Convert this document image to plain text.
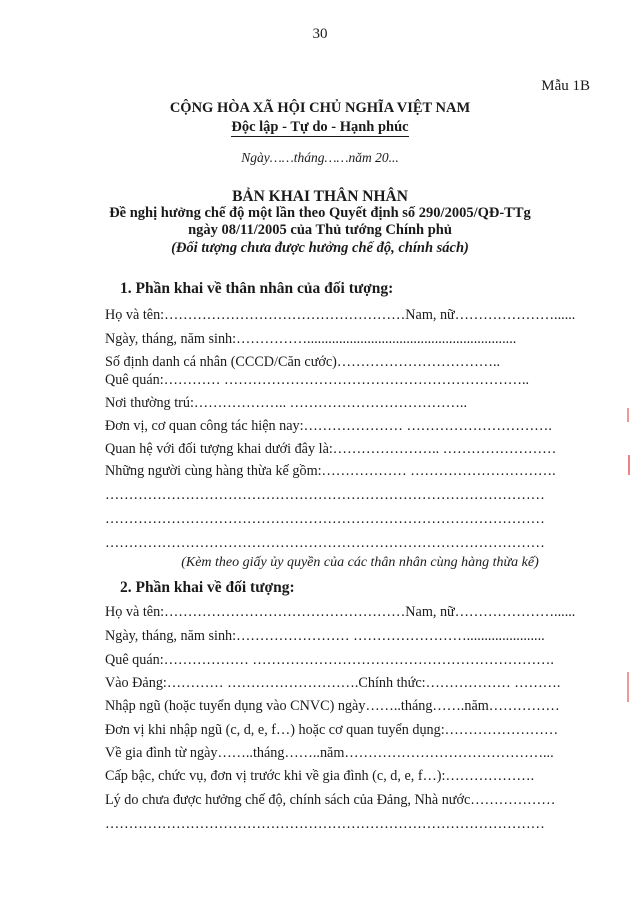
30
Mẫu 1B
CỘNG HÒA XÃ HỘI CHỦ NGHĨA VIỆT NAM
Độc lập - Tự do - Hạnh phúc
Ngày……tháng……năm 20...
BẢN KHAI THÂN NHÂN
Đề nghị hưởng chế độ một lần theo Quyết định số 290/2005/QĐ-TTg
ngày 08/11/2005 của Thủ tướng Chính phủ
(Đối tượng chưa được hưởng chế độ, chính sách)
1. Phần khai về thân nhân của đối tượng:
Họ và tên:……………………………………………Nam, nữ…………………......
Ngày, tháng, năm sinh:……………...........................................................
Số định danh cá nhân (CCCD/Căn cước)……………………………..
Quê quán:………… ………………………………………………………..
Nơi thường trú:……………….. ………………………………..
Đơn vị, cơ quan công tác hiện nay:………………… ………………………….
Quan hệ với đối tượng khai dưới đây là:………………….. ……………………
Những người cùng hàng thừa kế gồm:……………… ………………………….
…………………………………………………………………………………
…………………………………………………………………………………
…………………………………………………………………………………
(Kèm theo giấy ủy quyền của các thân nhân cùng hàng thừa kế)
2. Phần khai về đối tượng:
Họ và tên:……………………………………………Nam, nữ…………………......
Ngày, tháng, năm sinh:…………………… ……………………......................
Quê quán:……………… ……………………………………………………….
Vào Đảng:………… ……………………….Chính thức:……………… ……….
Nhập ngũ (hoặc tuyển dụng vào CNVC) ngày……..tháng…….năm……………
Đơn vị khi nhập ngũ (c, d, e, f…) hoặc cơ quan tuyển dụng:……………………
Về gia đình từ ngày……..tháng……..năm……………………………………...
Cấp bậc, chức vụ, đơn vị trước khi về gia đình (c, d, e, f…):……………….
Lý do chưa được hưởng chế độ, chính sách của Đảng, Nhà nước………………
…………………………………………………………………………………
